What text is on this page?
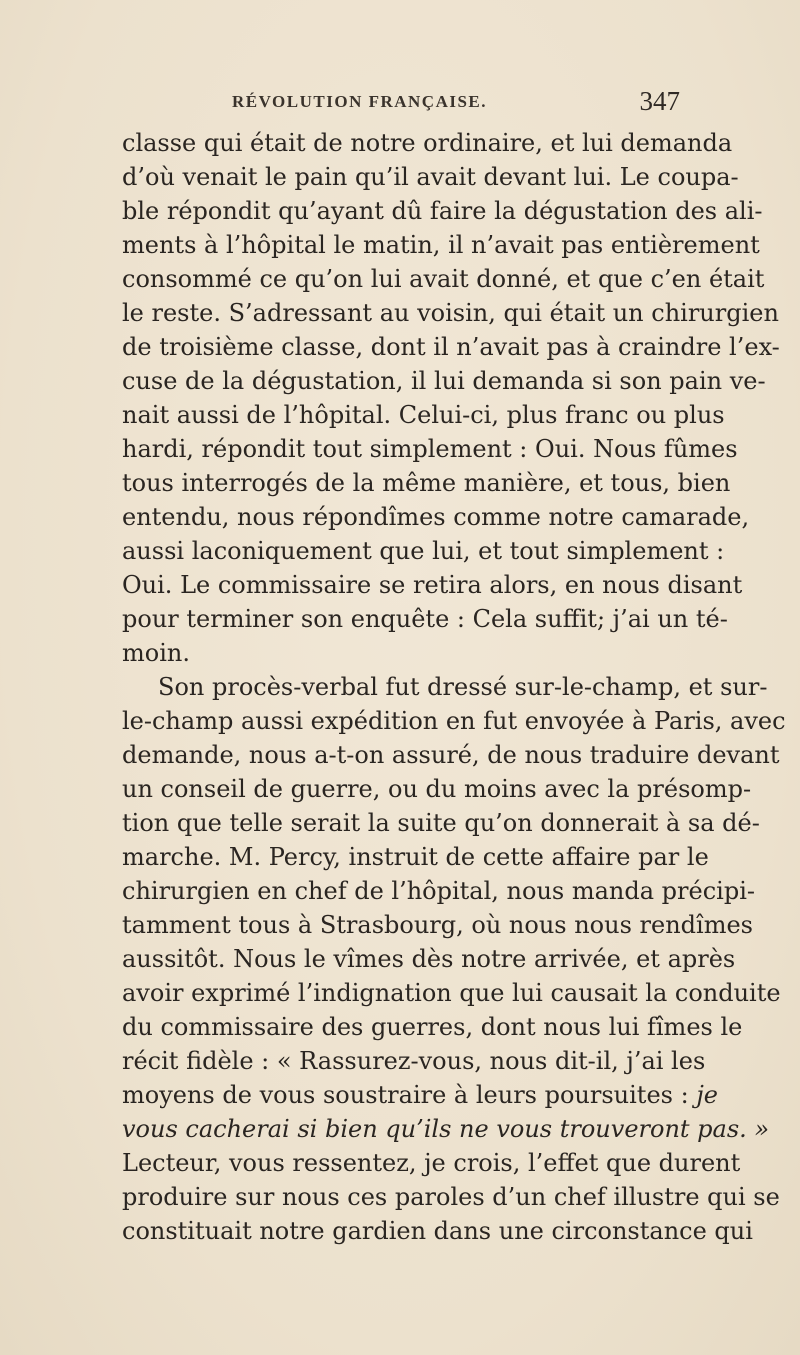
RÉVOLUTION FRANÇAISE.	347
classe qui était de notre ordinaire, et lui demanda
d’où venait le pain qu’il avait devant lui. Le coupa-
ble répondit qu’ayant dû faire la dégustation des ali-
ments à l’hôpital le matin, il n’avait pas entièrement
consommé ce qu’on lui avait donné, et que c’en était
le reste. S’adressant au voisin, qui était un chirurgien
de troisième classe, dont il n’avait pas à craindre l’ex-
cuse de la dégustation, il lui demanda si son pain ve-
nait aussi de l’hôpital. Celui-ci, plus franc ou plus
hardi, répondit tout simplement : Oui. Nous fûmes
tous interrogés de la même manière, et tous, bien
entendu, nous répondîmes comme notre camarade,
aussi laconiquement que lui, et tout simplement :
Oui. Le commissaire se retira alors, en nous disant
pour terminer son enquête : Cela suffit; j’ai un té-
moin.
Son procès-verbal fut dressé sur-le-champ, et sur-
le-champ aussi expédition en fut envoyée à Paris, avec
demande, nous a-t-on assuré, de nous traduire devant
un conseil de guerre, ou du moins avec la présomp-
tion que telle serait la suite qu’on donnerait à sa dé-
marche. M. Percy, instruit de cette affaire par le
chirurgien en chef de l’hôpital, nous manda précipi-
tamment tous à Strasbourg, où nous nous rendîmes
aussitôt. Nous le vîmes dès notre arrivée, et après
avoir exprimé l’indignation que lui causait la conduite
du commissaire des guerres, dont nous lui fîmes le
récit fidèle : « Rassurez-vous, nous dit-il, j’ai les
moyens de vous soustraire à leurs poursuites : je
vous cacherai si bien qu’ils ne vous trouveront pas. »
Lecteur, vous ressentez, je crois, l’effet que durent
produire sur nous ces paroles d’un chef illustre qui se
constituait notre gardien dans une circonstance qui
